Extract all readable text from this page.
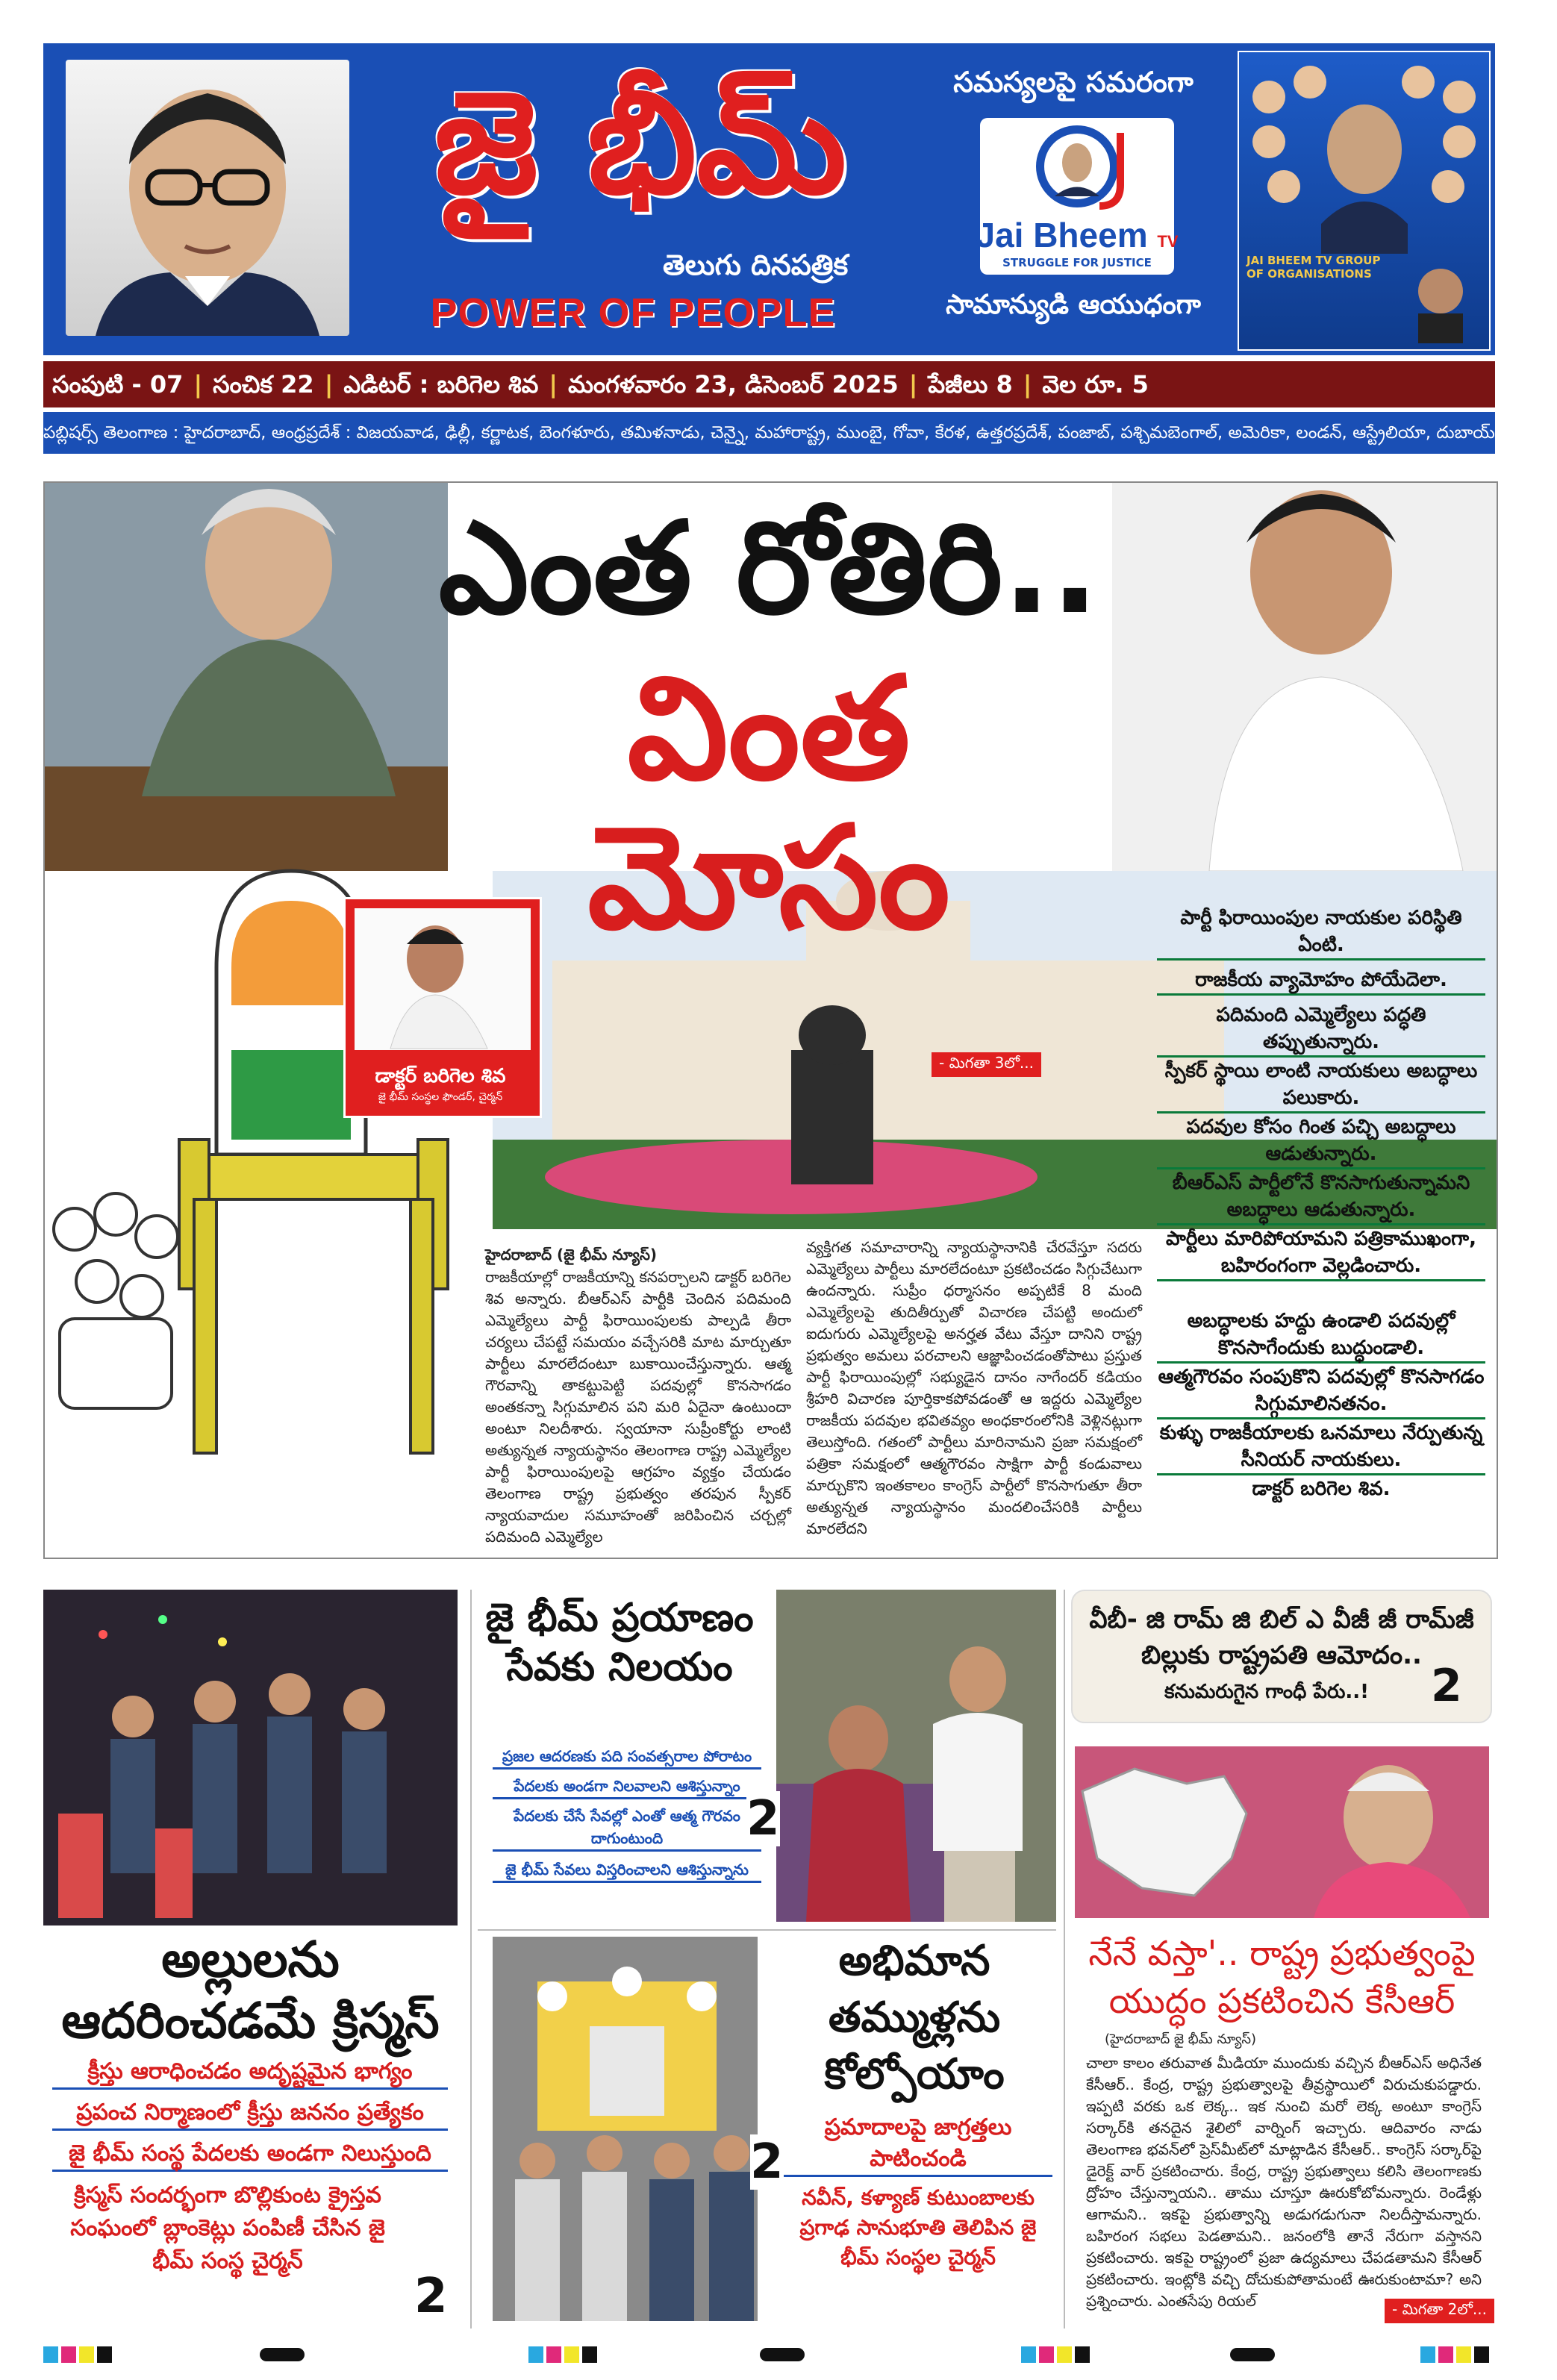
జై భీమ్
తెలుగు దినపత్రిక
POWER OF PEOPLE
సమస్యలపై సమరంగా
Jai Bheem TV
STRUGGLE FOR JUSTICE
సామాన్యుడి ఆయుధంగా
JAI BHEEM TV GROUP OF ORGANISATIONS
సంపుటి - 07 | సంచిక 22 | ఎడిటర్ : బరిగెల శివ | మంగళవారం 23, డిసెంబర్ 2025 | పేజీలు 8 | వెల రూ. 5
పబ్లిషర్స్ తెలంగాణ : హైదరాబాద్, ఆంధ్రప్రదేశ్ : విజయవాడ, ఢిల్లీ, కర్ణాటక, బెంగళూరు, తమిళనాడు, చెన్నై, మహారాష్ట్ర, ముంబై, గోవా, కేరళ, ఉత్తరప్రదేశ్, పంజాబ్, పశ్చిమబెంగాల్, అమెరికా, లండన్, ఆస్ట్రేలియా, దుబాయ్, మస్కట్
ఎంత రోతిరి..
వింత మోసం
డాక్టర్ బరిగెల శివ
జై భీమ్ సంస్థల ఫౌండర్, చైర్మన్
పార్టీ ఫిరాయింపుల నాయకుల పరిస్థితి ఏంటి.
రాజకీయ వ్యామోహం పోయేదెలా.
పదిమంది ఎమ్మెల్యేలు పద్ధతి తప్పుతున్నారు.
స్పీకర్ స్థాయి లాంటి నాయకులు అబద్ధాలు పలుకారు.
పదవుల కోసం గింత పచ్చి అబద్ధాలు ఆడుతున్నారు.
బీఆర్ఎస్ పార్టీలోనే కొనసాగుతున్నామని అబద్ధాలు ఆడుతున్నారు.
పార్టీలు మారిపోయామని పత్రికాముఖంగా, బహిరంగంగా వెల్లడించారు.
అబద్ధాలకు హద్దు ఉండాలి పదవుల్లో కొనసాగేందుకు బుద్ధుండాలి.
ఆత్మగౌరవం సంపుకొని పదవుల్లో కొనసాగడం సిగ్గుమాలినతనం.
కుళ్ళు రాజకీయాలకు ఒనమాలు నేర్పుతున్న సీనియర్ నాయకులు.
డాక్టర్ బరిగెల శివ.
హైదరాబాద్ (జై భీమ్ న్యూస్)
రాజకీయాల్లో రాజకీయాన్ని కనపర్చాలని డాక్టర్ బరిగెల శివ అన్నారు. బీఆర్ఎస్ పార్టీకి చెందిన పదిమంది ఎమ్మెల్యేలు పార్టీ ఫిరాయింపులకు పాల్పడి తీరా చర్యలు చేపట్టే సమయం వచ్చేసరికి మాట మార్చుతూ పార్టీలు మారలేదంటూ బుకాయించేస్తున్నారు. ఆత్మ గౌరవాన్ని తాకట్టుపెట్టి పదవుల్లో కొనసాగడం అంతకన్నా సిగ్గుమాలిన పని మరి ఏదైనా ఉంటుందా అంటూ నిలదీశారు. స్వయానా సుప్రీంకోర్టు లాంటి అత్యున్నత న్యాయస్థానం తెలంగాణ రాష్ట్ర ఎమ్మెల్యేల పార్టీ ఫిరాయింపులపై ఆగ్రహం వ్యక్తం చేయడం తెలంగాణ రాష్ట్ర ప్రభుత్వం తరపున స్పీకర్ న్యాయవాదుల సమూహంతో జరిపించిన చర్చల్లో పదిమంది ఎమ్మెల్యేల
వ్యక్తిగత సమాచారాన్ని న్యాయస్థానానికి చేరవేస్తూ సదరు ఎమ్మెల్యేలు పార్టీలు మారలేదంటూ ప్రకటించడం సిగ్గుచేటుగా ఉందన్నారు. సుప్రీం ధర్మాసనం అప్పటికే 8 మంది ఎమ్మెల్యేలపై తుదితీర్పుతో విచారణ చేపట్టి అందులో ఐదుగురు ఎమ్మెల్యేలపై అనర్హత వేటు వేస్తూ దానిని రాష్ట్ర ప్రభుత్వం అమలు పరచాలని ఆజ్ఞాపించడంతోపాటు ప్రస్తుత పార్టీ ఫిరాయింపుల్లో సభ్యుడైన దానం నాగేందర్ కడియం శ్రీహరి విచారణ పూర్తికాకపోవడంతో ఆ ఇద్దరు ఎమ్మెల్యేల రాజకీయ పదవుల భవితవ్యం అంధకారంలోనికి వెళ్లినట్లుగా తెలుస్తోంది. గతంలో పార్టీలు మారినామని ప్రజా సమక్షంలో పత్రికా సమక్షంలో ఆత్మగౌరవం సాక్షిగా పార్టీ కండువాలు మార్చుకొని ఇంతకాలం కాంగ్రెస్ పార్టీలో కొనసాగుతూ తీరా అత్యున్నత న్యాయస్థానం మందలించేసరికి పార్టీలు మారలేదని
- మిగతా 3లో...
అల్లులను ఆదరించడమే క్రిస్మస్
క్రీస్తు ఆరాధించడం అదృష్టమైన భాగ్యం
ప్రపంచ నిర్మాణంలో క్రీస్తు జననం ప్రత్యేకం
జై భీమ్ సంస్థ పేదలకు అండగా నిలుస్తుంది
క్రిస్మస్ సందర్భంగా బొల్లికుంట క్రైస్తవ సంఘంలో బ్లాంకెట్లు పంపిణీ చేసిన జై భీమ్ సంస్థ చైర్మన్
2
జై భీమ్ ప్రయాణం సేవకు నిలయం
ప్రజల ఆదరణకు పది సంవత్సరాల పోరాటం
పేదలకు అండగా నిలవాలని ఆశిస్తున్నాం
పేదలకు చేసే సేవల్లో ఎంతో ఆత్మ గౌరవం దాగుంటుంది
జై భీమ్ సేవలు విస్తరించాలని ఆశిస్తున్నాను
2
అభిమాన తమ్ముళ్లను కోల్పోయాం
ప్రమాదాలపై జాగ్రత్తలు పాటించండి
నవీన్, కళ్యాణ్ కుటుంబాలకు ప్రగాఢ సానుభూతి తెలిపిన జై భీమ్ సంస్థల చైర్మన్
2
వీబీ- జి రామ్ జి బిల్ ఎ వీజీ జీ రామ్‌జీ బిల్లుకు రాష్ట్రపతి ఆమోదం..
కనుమరుగైన గాంధీ పేరు..!	2
నేనే వస్తా'.. రాష్ట్ర ప్రభుత్వంపై యుద్ధం ప్రకటించిన కేసీఆర్
(హైదరాబాద్ జై భీమ్ న్యూస్)
చాలా కాలం తరువాత మీడియా ముందుకు వచ్చిన బీఆర్ఎస్ అధినేత కేసీఆర్.. కేంద్ర, రాష్ట్ర ప్రభుత్వాలపై తీవ్రస్థాయిలో విరుచుకుపడ్డారు. ఇప్పటి వరకు ఒక లెక్క.. ఇక నుంచి మరో లెక్క అంటూ కాంగ్రెస్ సర్కార్‌కి తనదైన శైలిలో వార్నింగ్ ఇచ్చారు. ఆదివారం నాడు తెలంగాణ భవన్‌లో ప్రెస్‌మీట్‌లో మాట్లాడిన కేసీఆర్.. కాంగ్రెస్ సర్కార్‌పై డైరెక్ట్ వార్ ప్రకటించారు. కేంద్ర, రాష్ట్ర ప్రభుత్వాలు కలిసి తెలంగాణకు ద్రోహం చేస్తున్నాయని.. తాము చూస్తూ ఊరుకోబోమన్నారు. రెండేళ్లు ఆగామని.. ఇకపై ప్రభుత్వాన్ని అడుగడుగునా నిలదీస్తామన్నారు. బహిరంగ సభలు పెడతామని.. జనంలోకి తానే నేరుగా వస్తానని ప్రకటించారు. ఇకపై రాష్ట్రంలో ప్రజా ఉద్యమాలు చేపడతామని కేసీఆర్ ప్రకటించారు. ఇంట్లోకి వచ్చి దోచుకుపోతామంటే ఊరుకుంటామా? అని ప్రశ్నించారు. ఎంతసేపు రియల్	- మిగతా 2లో...
